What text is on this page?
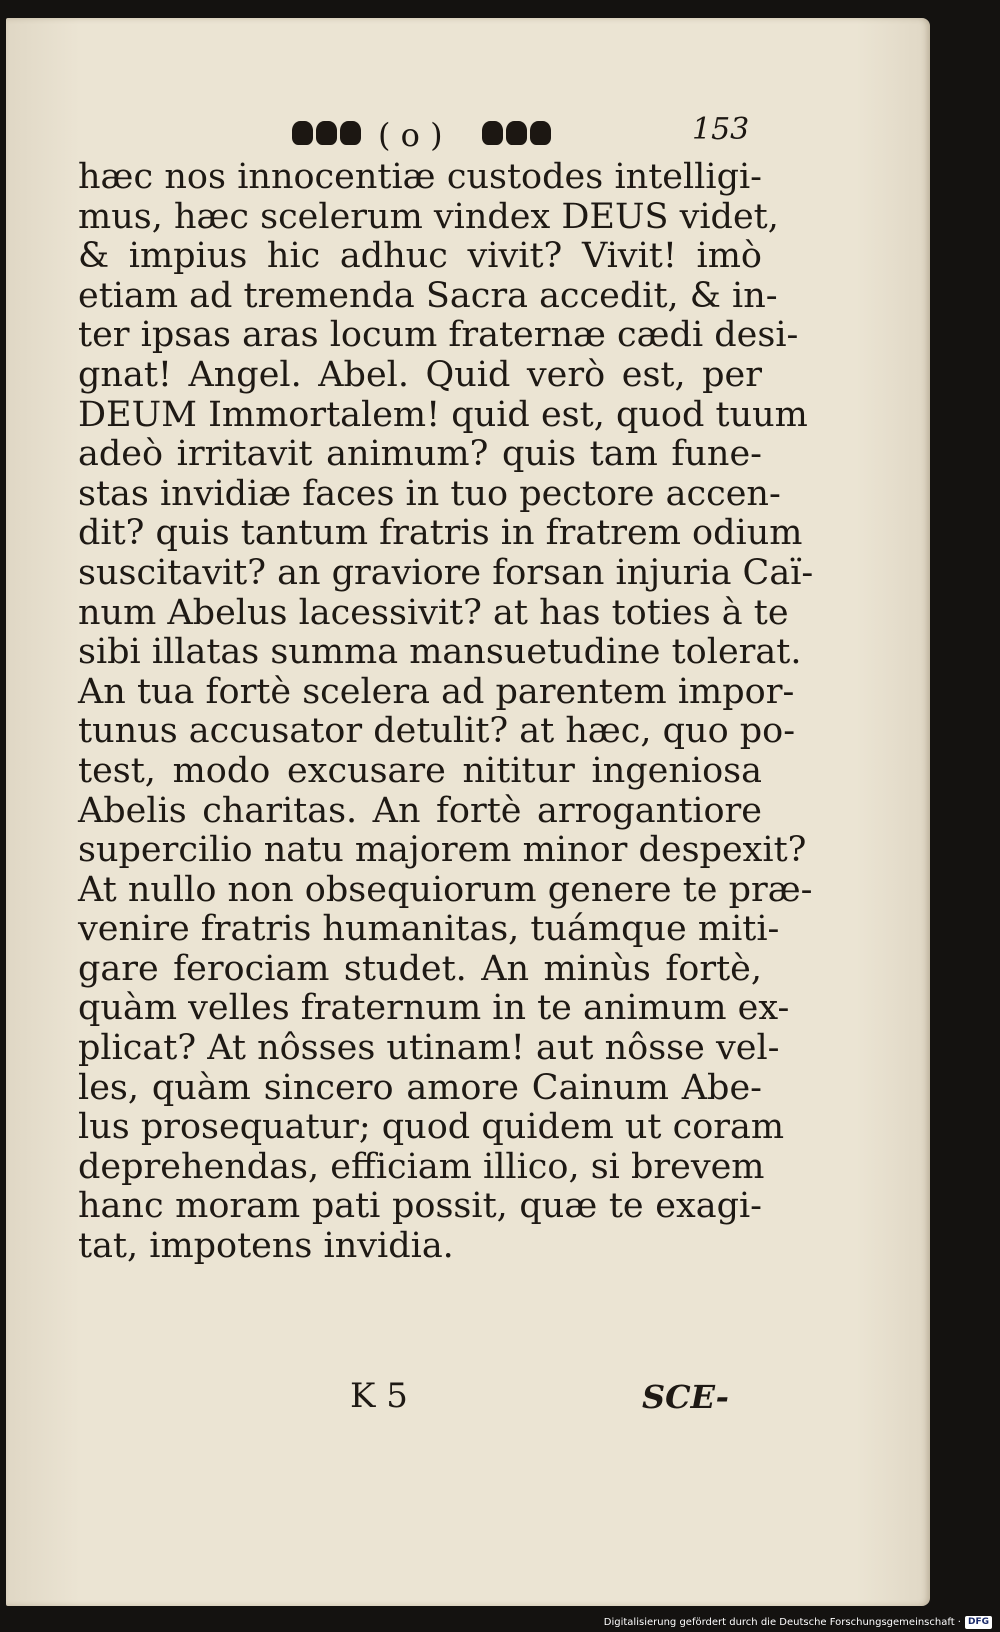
( o )	153
hæc nos innocentiæ custodes intelligi-
mus, hæc scelerum vindex DEUS videt,
& impius hic adhuc vivit? Vivit! imò
etiam ad tremenda Sacra accedit, & in-
ter ipsas aras locum fraternæ cædi desi-
gnat! Angel. Abel. Quid verò est, per
DEUM Immortalem! quid est, quod tuum
adeò irritavit animum? quis tam fune-
stas invidiæ faces in tuo pectore accen-
dit? quis tantum fratris in fratrem odium
suscitavit? an graviore forsan injuria Caï-
num Abelus lacessivit? at has toties à te
sibi illatas summa mansuetudine tolerat.
An tua fortè scelera ad parentem impor-
tunus accusator detulit? at hæc, quo po-
test, modo excusare nititur ingeniosa
Abelis charitas. An fortè arrogantiore
supercilio natu majorem minor despexit?
At nullo non obsequiorum genere te præ-
venire fratris humanitas, tuámque miti-
gare ferociam studet. An minùs fortè,
quàm velles fraternum in te animum ex-
plicat? At nôsses utinam! aut nôsse vel-
les, quàm sincero amore Cainum Abe-
lus prosequatur; quod quidem ut coram
deprehendas, efficiam illico, si brevem
hanc moram pati possit, quæ te exagi-
tat, impotens invidia.
K 5	SCE-
Digitalisierung gefördert durch die Deutsche Forschungsgemeinschaft · DFG
